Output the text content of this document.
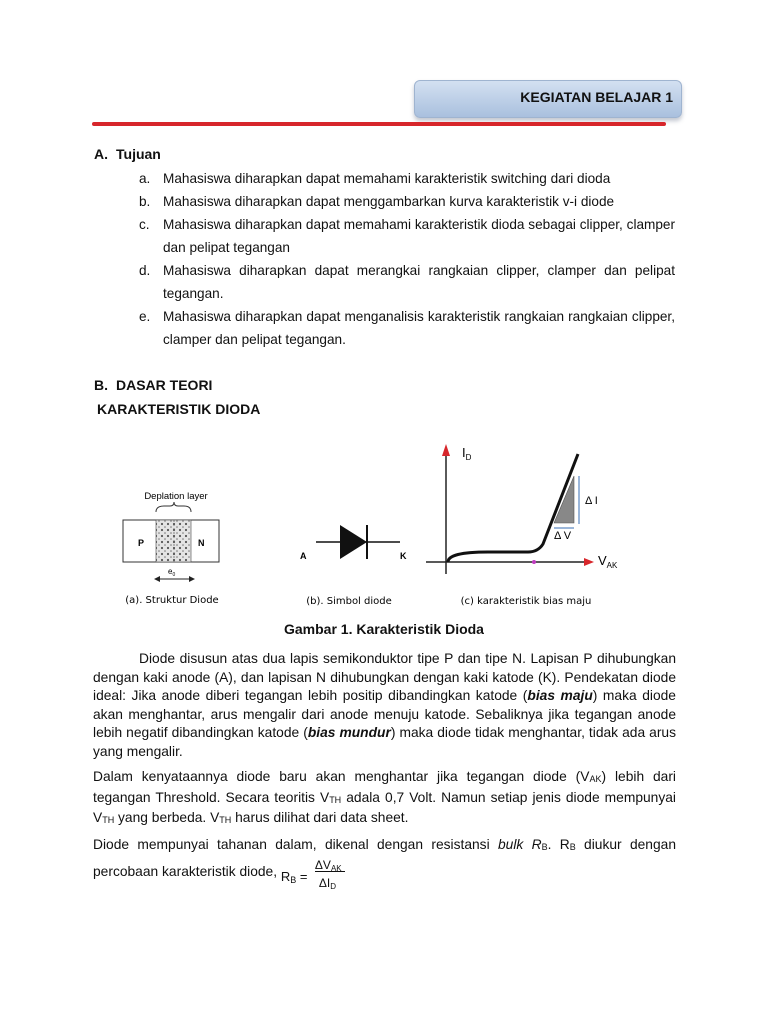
KEGIATAN BELAJAR 1
A. Tujuan
a. Mahasiswa diharapkan dapat memahami karakteristik switching dari dioda
b. Mahasiswa diharapkan dapat menggambarkan kurva karakteristik v-i diode
c. Mahasiswa diharapkan dapat memahami karakteristik dioda sebagai clipper, clamper dan pelipat tegangan
d. Mahasiswa diharapkan dapat merangkai rangkaian clipper, clamper dan pelipat tegangan.
e. Mahasiswa diharapkan dapat menganalisis karakteristik rangkaian rangkaian clipper, clamper dan pelipat tegangan.
B. DASAR TEORI
KARAKTERISTIK DIODA
Deplation layer
P	N
$e_0$
(a). Struktur Diode
A	K
(b). Simbol diode
$I_D$
$V_{AK}$
Δ I
Δ V
(c) karakteristik bias maju
Gambar 1. Karakteristik Dioda

Diode disusun atas dua lapis semikonduktor tipe P dan tipe N. Lapisan P dihubungkan dengan kaki anode (A), dan lapisan N dihubungkan dengan kaki katode (K). Pendekatan diode ideal: Jika anode diberi tegangan lebih positip dibandingkan katode (bias maju) maka diode akan menghantar, arus mengalir dari anode menuju katode. Sebaliknya jika tegangan anode lebih negatif dibandingkan katode (bias mundur) maka diode tidak menghantar, tidak ada arus yang mengalir.

Dalam kenyataannya diode baru akan menghantar jika tegangan diode (VAK) lebih dari tegangan Threshold. Secara teoritis VTH adala 0,7 Volt. Namun setiap jenis diode mempunyai VTH yang berbeda. VTH harus dilihat dari data sheet.

Diode mempunyai tahanan dalam, dikenal dengan resistansi bulk RB. RB diukur dengan percobaan karakteristik diode, RB =
ΔVAK
ΔID
